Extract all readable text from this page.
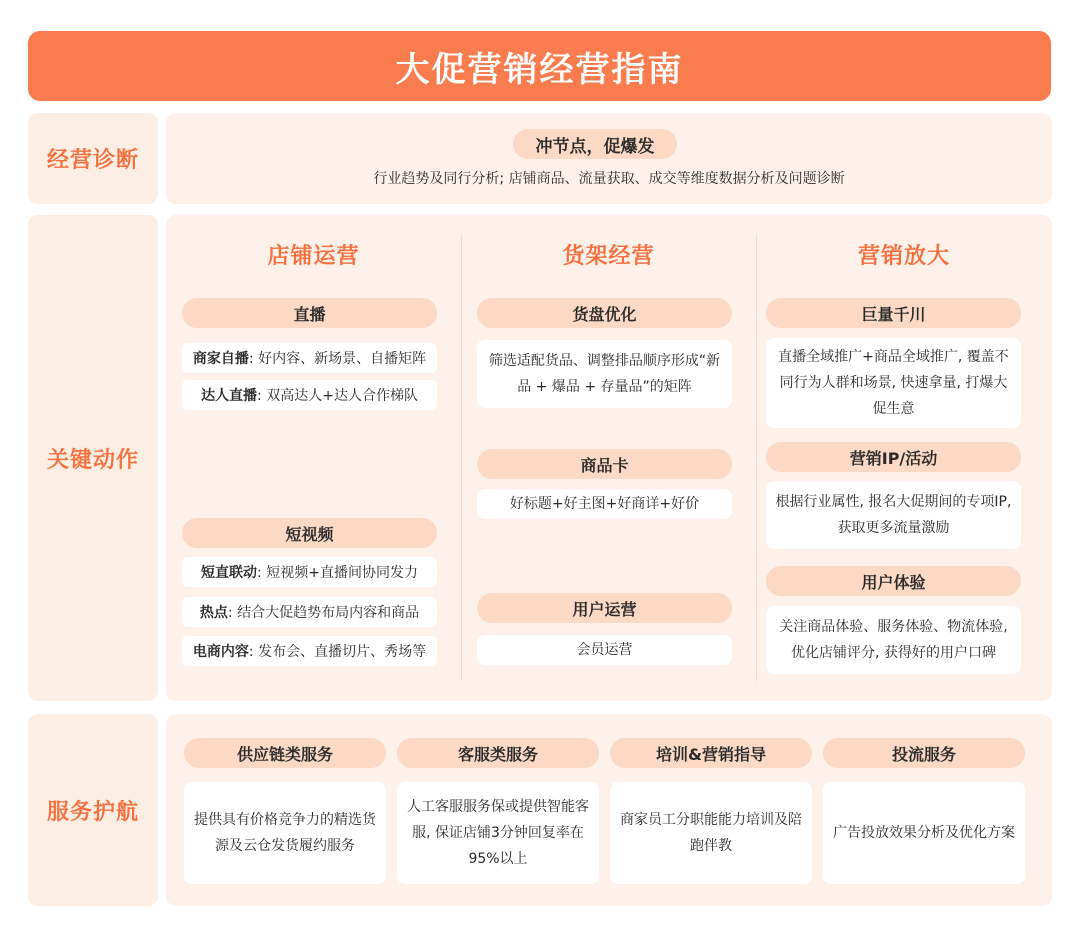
大促营销经营指南
经营诊断
冲节点，促爆发
行业趋势及同行分析; 店铺商品、流量获取、成交等维度数据分析及问题诊断
关键动作
店铺运营
直播
商家自播 : 好内容、新场景、自播矩阵
达人直播 : 双高达人+达人合作梯队
短视频
短直联动 : 短视频+直播间协同发力
热点 : 结合大促趋势布局内容和商品
电商内容 : 发布会、直播切片、秀场等
货架经营
货盘优化
筛选适配货品、调整排品顺序形成“新品 + 爆品 + 存量品”的矩阵
商品卡
好标题+好主图+好商详+好价
用户运营
会员运营
营销放大
巨量千川
直播全域推广+商品全域推广, 覆盖不同行为人群和场景, 快速拿量, 打爆大促生意
营销IP/活动
根据行业属性, 报名大促期间的专项IP, 获取更多流量激励
用户体验
关注商品体验、服务体验、物流体验, 优化店铺评分, 获得好的用户口碑
服务护航
供应链类服务
提供具有价格竞争力的精选货源及云仓发货履约服务
客服类服务
人工客服服务保或提供智能客服, 保证店铺3分钟回复率在95%以上
培训&营销指导
商家员工分职能能力培训及陪跑伴教
投流服务
广告投放效果分析及优化方案
